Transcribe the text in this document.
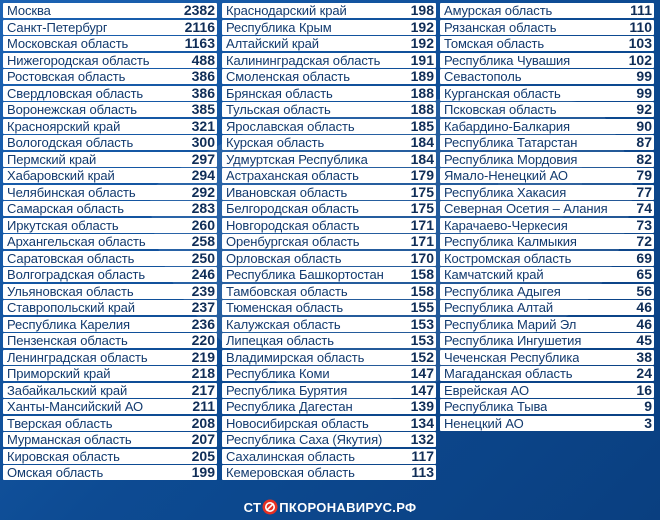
Москва	2382
Санкт-Петербург	2116
Московская область	1163
Нижегородская область	488
Ростовская область	386
Свердловская область	386
Воронежская область	385
Красноярский край	321
Вологодская область	300
Пермский край	297
Хабаровский край	294
Челябинская область	292
Самарская область	283
Иркутская область	260
Архангельская область	258
Саратовская область	250
Волгоградская область	246
Ульяновская область	239
Ставропольский край	237
Республика Карелия	236
Пензенская область	220
Ленинградская область	219
Приморский край	218
Забайкальский край	217
Ханты-Мансийский АО	211
Тверская область	208
Мурманская область	207
Кировская область	205
Омская область	199
Краснодарский край	198
Республика Крым	192
Алтайский край	192
Калининградская область 191
Смоленская область	189
Брянская область	188
Тульская область	188
Ярославская область	185
Курская область	184
Удмуртская Республика	184
Астраханская область	179
Ивановская область	175
Белгородская область	175
Новгородская область	171
Оренбургская область	171
Орловская область	170
Республика Башкортостан 158
Тамбовская область	158
Тюменская область	155
Калужская область	153
Липецкая область	153
Владимирская область	152
Республика Коми	147
Республика Бурятия	147
Республика Дагестан	139
Новосибирская область	134
Республика Саха (Якутия) 132
Сахалинская область	117
Кемеровская область	113
Амурская область	111
Рязанская область	110
Томская область	103
Республика Чувашия	102
Севастополь	99
Курганская область	99
Псковская область	92
Кабардино-Балкария	90
Республика Татарстан	87
Республика Мордовия	82
Ямало-Ненецкий АО	79
Республика Хакасия	77
Северная Осетия – Алания 74
Карачаево-Черкесия	73
Республика Калмыкия	72
Костромская область	69
Камчатский край	65
Республика Адыгея	56
Республика Алтай	46
Республика Марий Эл	46
Республика Ингушетия	45
Чеченская Республика	38
Магаданская область	24
Еврейская АО	16
Республика Тыва	9
Ненецкий АО	3
СТ ПКОРОНАВИРУС.РФ
